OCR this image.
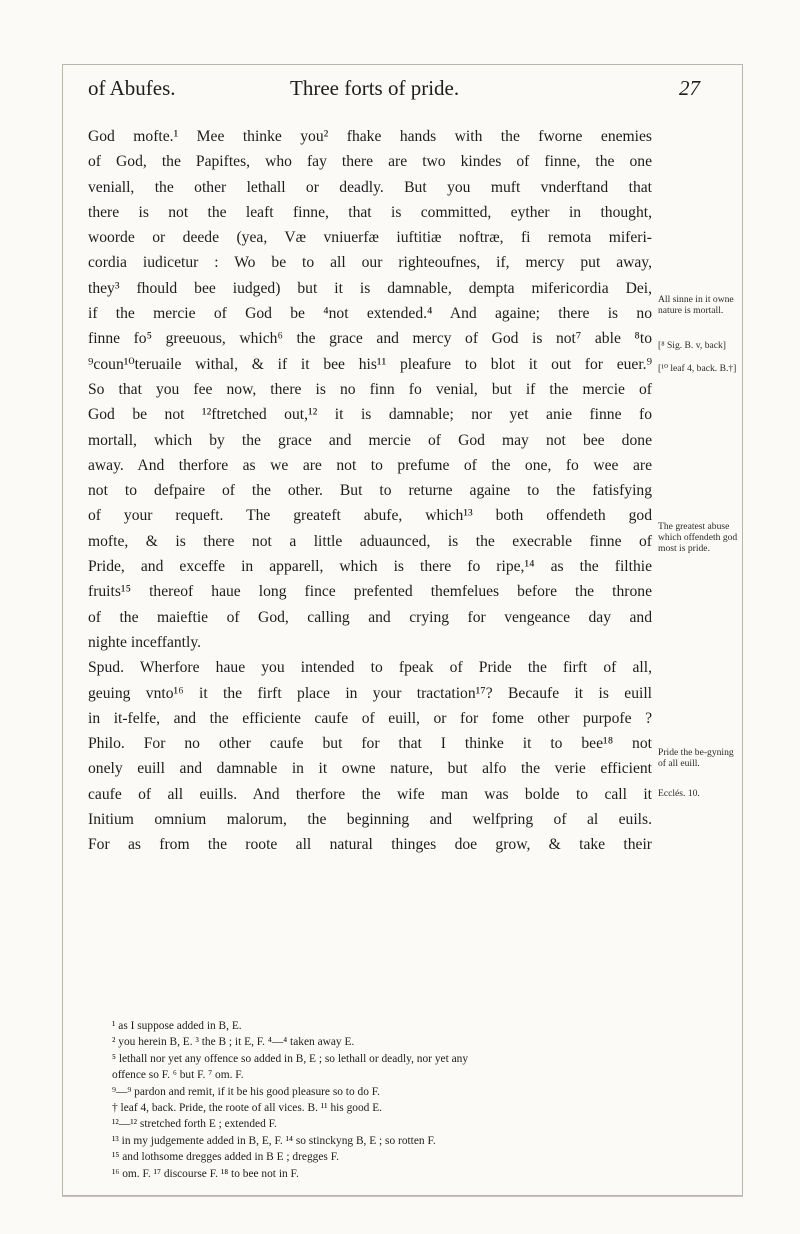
of Abufes.	Three forts of pride.	27

God mofte.¹ Mee thinke you² fhake hands with the fworne enemies

of God, the Papiftes, who fay there are two kindes of finne, the one

veniall, the other lethall or deadly. But you muft vnderftand that

there is not the leaft finne, that is committed, eyther in thought,

woorde or deede (yea, Væ vniuerfæ iuftitiæ noftræ, fi remota miferi-

cordia iudicetur : Wo be to all our righteoufnes, if, mercy put away,

they³ fhould bee iudged) but it is damnable, dempta mifericordia Dei,

if the mercie of God be ⁴not extended.⁴ And againe; there is no

finne fo⁵ greeuous, which⁶ the grace and mercy of God is not⁷ able ⁸to

⁹coun¹⁰teruaile withal, & if it bee his¹¹ pleafure to blot it out for euer.⁹

So that you fee now, there is no finn fo venial, but if the mercie of

God be not ¹²ftretched out,¹² it is damnable; nor yet anie finne fo

mortall, which by the grace and mercie of God may not bee done

away. And therfore as we are not to prefume of the one, fo wee are

not to defpaire of the other. But to returne againe to the fatisfying

of your requeft. The greateft abufe, which¹³ both offendeth god

mofte, & is there not a little aduaunced, is the execrable finne of

Pride, and exceffe in apparell, which is there fo ripe,¹⁴ as the filthie

fruits¹⁵ thereof haue long fince prefented themfelues before the throne

of the maieftie of God, calling and crying for vengeance day and

nighte inceffantly.

Spud. Wherfore haue you intended to fpeak of Pride the firft of all,

geuing vnto¹⁶ it the firft place in your tractation¹⁷? Becaufe it is euill

in it-felfe, and the efficiente caufe of euill, or for fome other purpofe ?

Philo. For no other caufe but for that I thinke it to bee¹⁸ not

onely euill and damnable in it owne nature, but alfo the verie efficient

caufe of all euills. And therfore the wife man was bolde to call it

Initium omnium malorum, the beginning and welfpring of al euils.

For as from the roote all natural thinges doe grow, & take their

All sinne in it owne nature is mortall.
[⁸ Sig. B. v, back]
[¹⁰ leaf 4, back. B.†]
The greatest abuse which offendeth god most is pride.
Pride the be-gyning of all euill.
Ecclés. 10.

¹ as I suppose added in B, E.

² you herein B, E. ³ the B ; it E, F. ⁴—⁴ taken away E.

⁵ lethall nor yet any offence so added in B, E ; so lethall or deadly, nor yet any

offence so F. ⁶ but F. ⁷ om. F.

⁹—⁹ pardon and remit, if it be his good pleasure so to do F.

† leaf 4, back. Pride, the roote of all vices. B. ¹¹ his good E.

¹²—¹² stretched forth E ; extended F.

¹³ in my judgemente added in B, E, F. ¹⁴ so stinckyng B, E ; so rotten F.

¹⁵ and lothsome dregges added in B E ; dregges F.

¹⁶ om. F. ¹⁷ discourse F. ¹⁸ to bee not in F.
